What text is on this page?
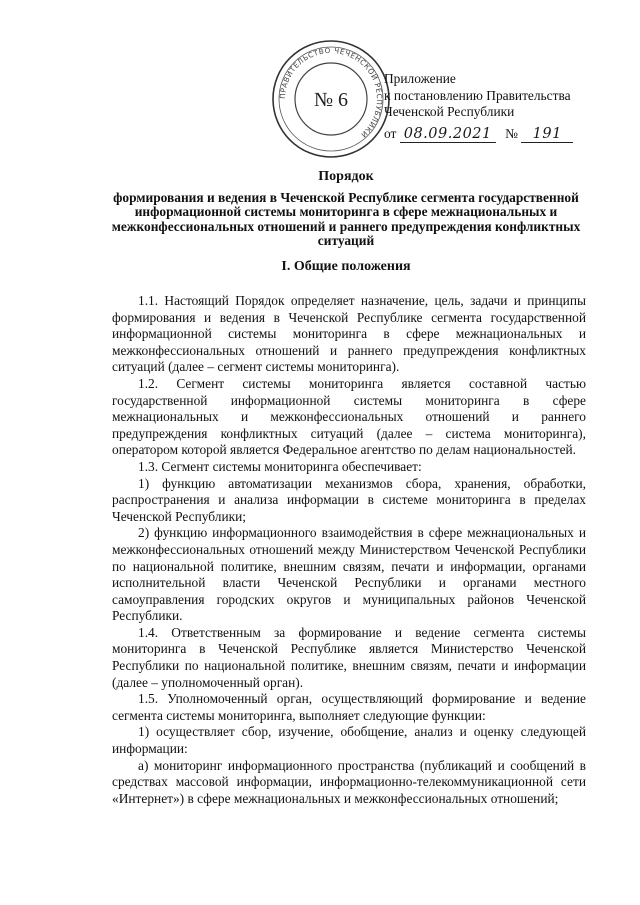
ПРАВИТЕЛЬСТВО ЧЕЧЕНСКОЙ РЕСПУБЛИКИ
№ 6
Приложение
к постановлению Правительства
Чеченской Республики
от 08.09.2021 № 191

Порядок

формирования и ведения в Чеченской Республике сегмента государственной информационной системы мониторинга в сфере межнациональных и межконфессиональных отношений и раннего предупреждения конфликтных ситуаций

I. Общие положения

1.1. Настоящий Порядок определяет назначение, цель, задачи и принципы формирования и ведения в Чеченской Республике сегмента государственной информационной системы мониторинга в сфере межнациональных и межконфессиональных отношений и раннего предупреждения конфликтных ситуаций (далее – сегмент системы мониторинга).

1.2. Сегмент системы мониторинга является составной частью государственной информационной системы мониторинга в сфере межнациональных и межконфессиональных отношений и раннего предупреждения конфликтных ситуаций (далее – система мониторинга), оператором которой является Федеральное агентство по делам национальностей.

1.3. Сегмент системы мониторинга обеспечивает:

1) функцию автоматизации механизмов сбора, хранения, обработки, распространения и анализа информации в системе мониторинга в пределах Чеченской Республики;

2) функцию информационного взаимодействия в сфере межнациональных и межконфессиональных отношений между Министерством Чеченской Республики по национальной политике, внешним связям, печати и информации, органами исполнительной власти Чеченской Республики и органами местного самоуправления городских округов и муниципальных районов Чеченской Республики.

1.4. Ответственным за формирование и ведение сегмента системы мониторинга в Чеченской Республике является Министерство Чеченской Республики по национальной политике, внешним связям, печати и информации (далее – уполномоченный орган).

1.5. Уполномоченный орган, осуществляющий формирование и ведение сегмента системы мониторинга, выполняет следующие функции:

1) осуществляет сбор, изучение, обобщение, анализ и оценку следующей информации:

а) мониторинг информационного пространства (публикаций и сообщений в средствах массовой информации, информационно-телекоммуникационной сети «Интернет») в сфере межнациональных и межконфессиональных отношений;
